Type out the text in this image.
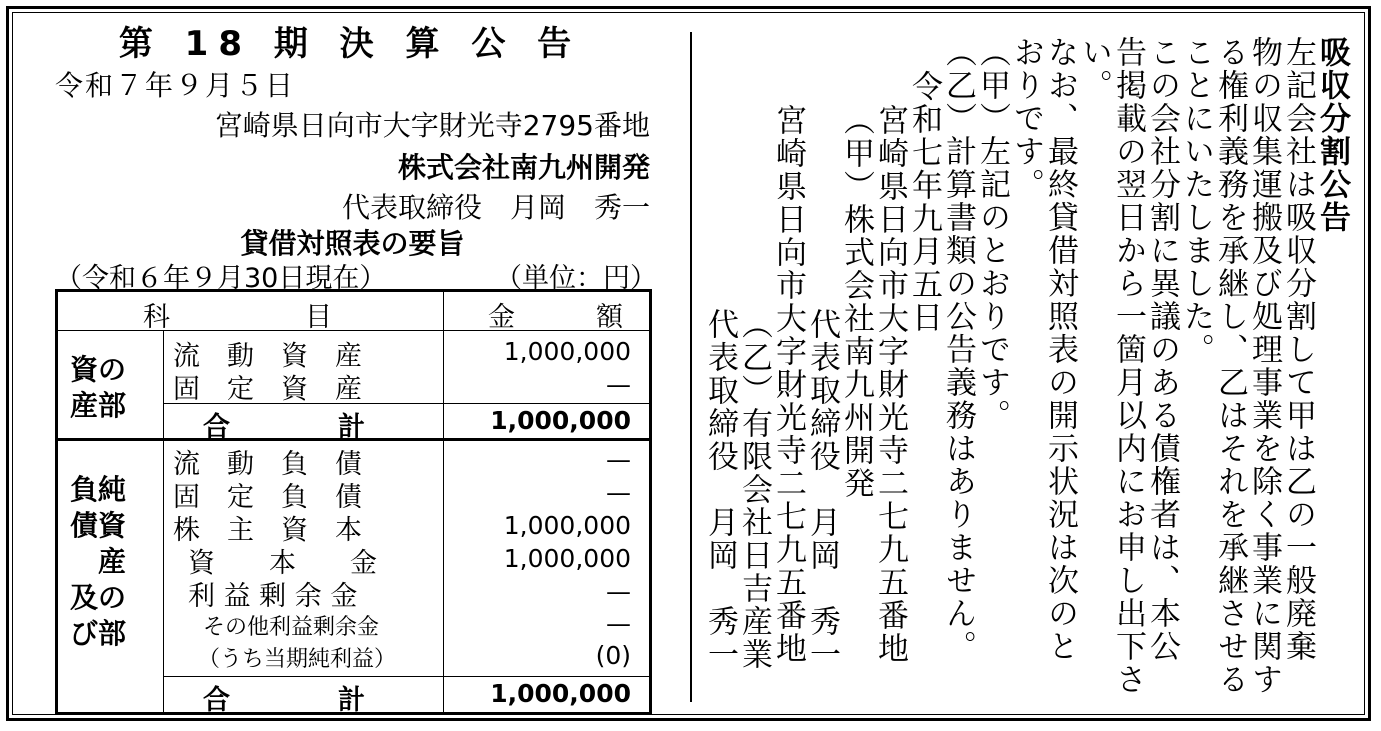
第 18 期 決 算 公 告
令和７年９月５日
宮崎県日向市大字財光寺2795番地
株式会社南九州開発
代表取締役　月岡　秀一
貸借対照表の要旨
（令和６年９月30日現在）	（単位：円）
科　　　　　目	金　　　額
資の
産部
流　動　資　産	1,000,000
固　定　資　産	—
合　　　　計	1,000,000
負純
債資
　産
及の
び部
流　動　負　債	—
固　定　負　債	—
株　主　資　本	1,000,000
資　　本　　金	1,000,000
利 益 剰 余 金	—
その他利益剰余金	—
（うち当期純利益）	(0)
合　　　　計	1,000,000
吸収分割公告
左記会社は吸収分割して甲は乙の一般廃棄
物の収集運搬及び処理事業を除く事業に関す
る権利義務を承継し、乙はそれを承継させる
ことにいたしました。
この会社分割に異議のある債権者は、本公
告掲載の翌日から一箇月以内にお申し出下さ
い。
なお、最終貸借対照表の開示状況は次のと
おりです。
（甲）左記のとおりです。
（乙）計算書類の公告義務はありません。
令和七年九月五日
宮崎県日向市大字財光寺二七九五番地
（甲）株式会社南九州開発
代表取締役　月岡　秀一
宮崎県日向市大字財光寺二七九五番地
（乙）有限会社日吉産業
代表取締役　月岡　秀一
